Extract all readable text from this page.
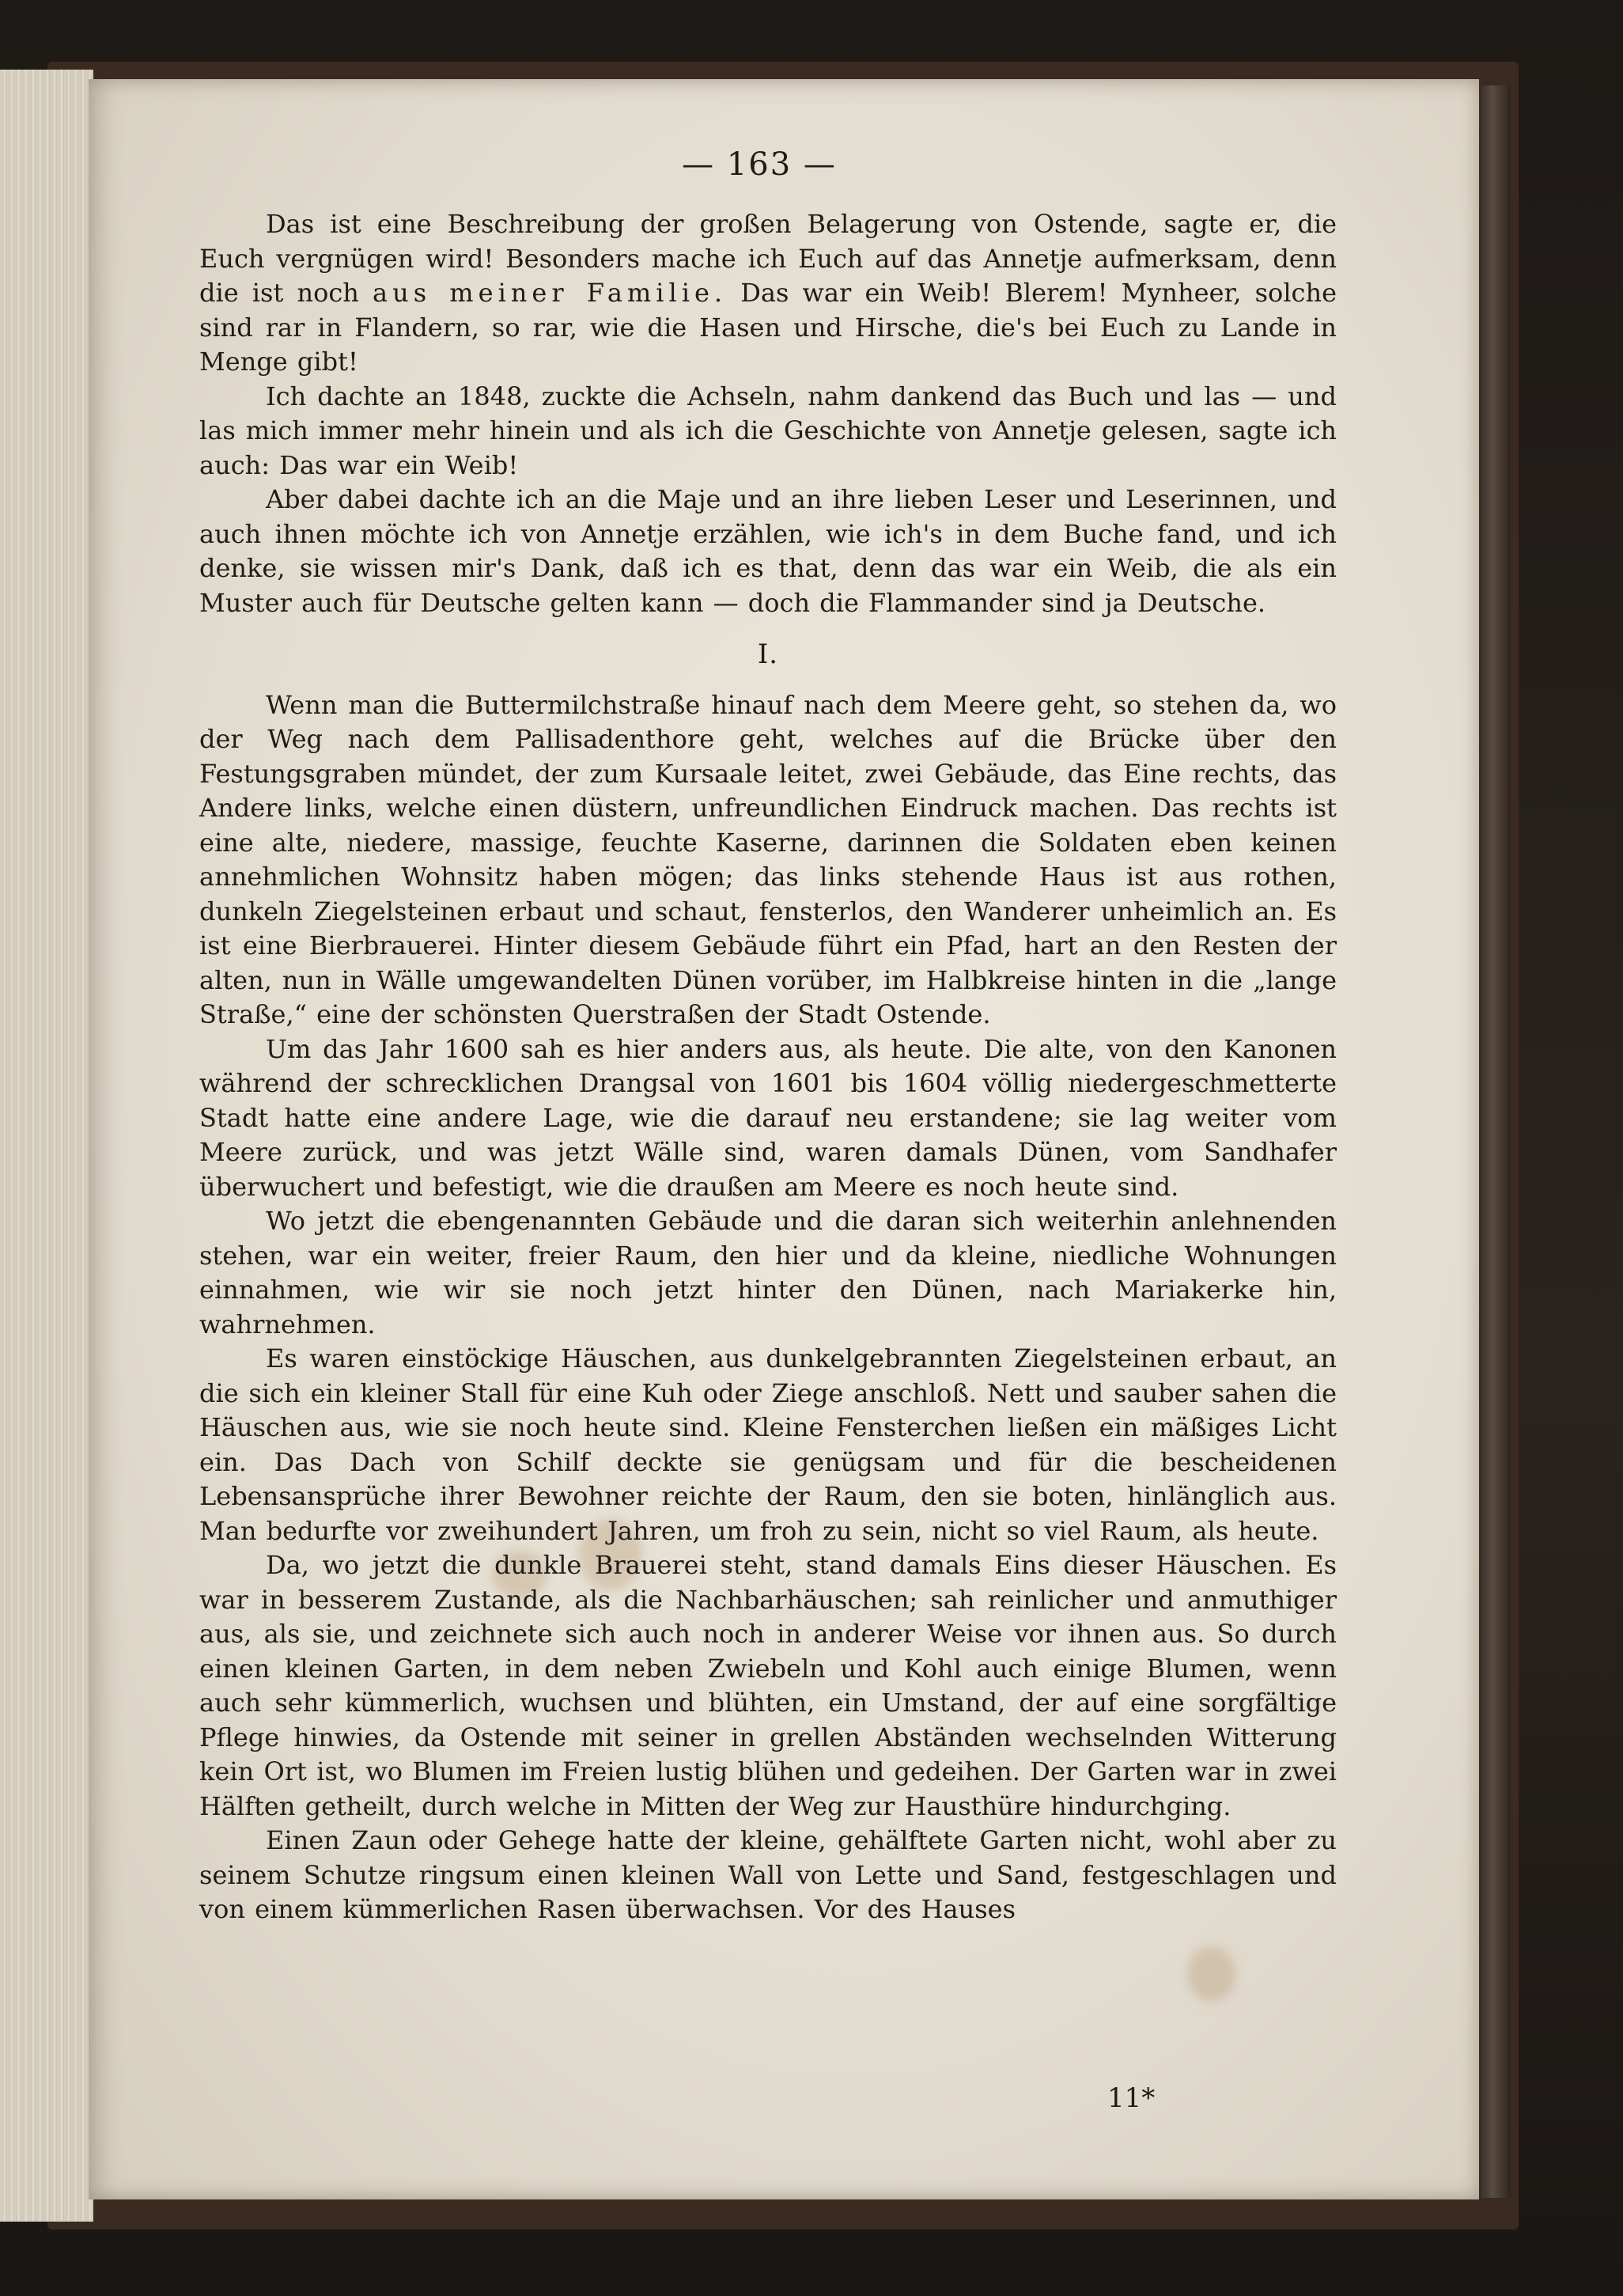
— 163 —

Das ist eine Beschreibung der großen Belagerung von Ostende, sagte er, die Euch vergnügen wird! Besonders mache ich Euch auf das Annetje aufmerksam, denn die ist noch aus meiner Familie. Das war ein Weib! Blerem! Mynheer, solche sind rar in Flandern, so rar, wie die Hasen und Hirsche, die's bei Euch zu Lande in Menge gibt!

Ich dachte an 1848, zuckte die Achseln, nahm dankend das Buch und las — und las mich immer mehr hinein und als ich die Geschichte von Annetje gelesen, sagte ich auch: Das war ein Weib!

Aber dabei dachte ich an die Maje und an ihre lieben Leser und Leserinnen, und auch ihnen möchte ich von Annetje erzählen, wie ich's in dem Buche fand, und ich denke, sie wissen mir's Dank, daß ich es that, denn das war ein Weib, die als ein Muster auch für Deutsche gelten kann — doch die Flammander sind ja Deutsche.

I.

Wenn man die Buttermilchstraße hinauf nach dem Meere geht, so stehen da, wo der Weg nach dem Pallisadenthore geht, welches auf die Brücke über den Festungsgraben mündet, der zum Kursaale leitet, zwei Gebäude, das Eine rechts, das Andere links, welche einen düstern, unfreundlichen Eindruck machen. Das rechts ist eine alte, niedere, massige, feuchte Kaserne, darinnen die Soldaten eben keinen annehmlichen Wohnsitz haben mögen; das links stehende Haus ist aus rothen, dunkeln Ziegelsteinen erbaut und schaut, fensterlos, den Wanderer unheimlich an. Es ist eine Bierbrauerei. Hinter diesem Gebäude führt ein Pfad, hart an den Resten der alten, nun in Wälle umgewandelten Dünen vorüber, im Halbkreise hinten in die „lange Straße,“ eine der schönsten Querstraßen der Stadt Ostende.

Um das Jahr 1600 sah es hier anders aus, als heute. Die alte, von den Kanonen während der schrecklichen Drangsal von 1601 bis 1604 völlig niedergeschmetterte Stadt hatte eine andere Lage, wie die darauf neu erstandene; sie lag weiter vom Meere zurück, und was jetzt Wälle sind, waren damals Dünen, vom Sandhafer überwuchert und befestigt, wie die draußen am Meere es noch heute sind.

Wo jetzt die ebengenannten Gebäude und die daran sich weiterhin anlehnenden stehen, war ein weiter, freier Raum, den hier und da kleine, niedliche Wohnungen einnahmen, wie wir sie noch jetzt hinter den Dünen, nach Mariakerke hin, wahrnehmen.

Es waren einstöckige Häuschen, aus dunkelgebrannten Ziegelsteinen erbaut, an die sich ein kleiner Stall für eine Kuh oder Ziege anschloß. Nett und sauber sahen die Häuschen aus, wie sie noch heute sind. Kleine Fensterchen ließen ein mäßiges Licht ein. Das Dach von Schilf deckte sie genügsam und für die bescheidenen Lebensansprüche ihrer Bewohner reichte der Raum, den sie boten, hinlänglich aus. Man bedurfte vor zweihundert Jahren, um froh zu sein, nicht so viel Raum, als heute.

Da, wo jetzt die dunkle Brauerei steht, stand damals Eins dieser Häuschen. Es war in besserem Zustande, als die Nachbarhäuschen; sah reinlicher und anmuthiger aus, als sie, und zeichnete sich auch noch in anderer Weise vor ihnen aus. So durch einen kleinen Garten, in dem neben Zwiebeln und Kohl auch einige Blumen, wenn auch sehr kümmerlich, wuchsen und blühten, ein Umstand, der auf eine sorgfältige Pflege hinwies, da Ostende mit seiner in grellen Abständen wechselnden Witterung kein Ort ist, wo Blumen im Freien lustig blühen und gedeihen. Der Garten war in zwei Hälften getheilt, durch welche in Mitten der Weg zur Hausthüre hindurchging.

Einen Zaun oder Gehege hatte der kleine, gehälftete Garten nicht, wohl aber zu seinem Schutze ringsum einen kleinen Wall von Lette und Sand, festgeschlagen und von einem kümmerlichen Rasen überwachsen. Vor des Hauses

11*
